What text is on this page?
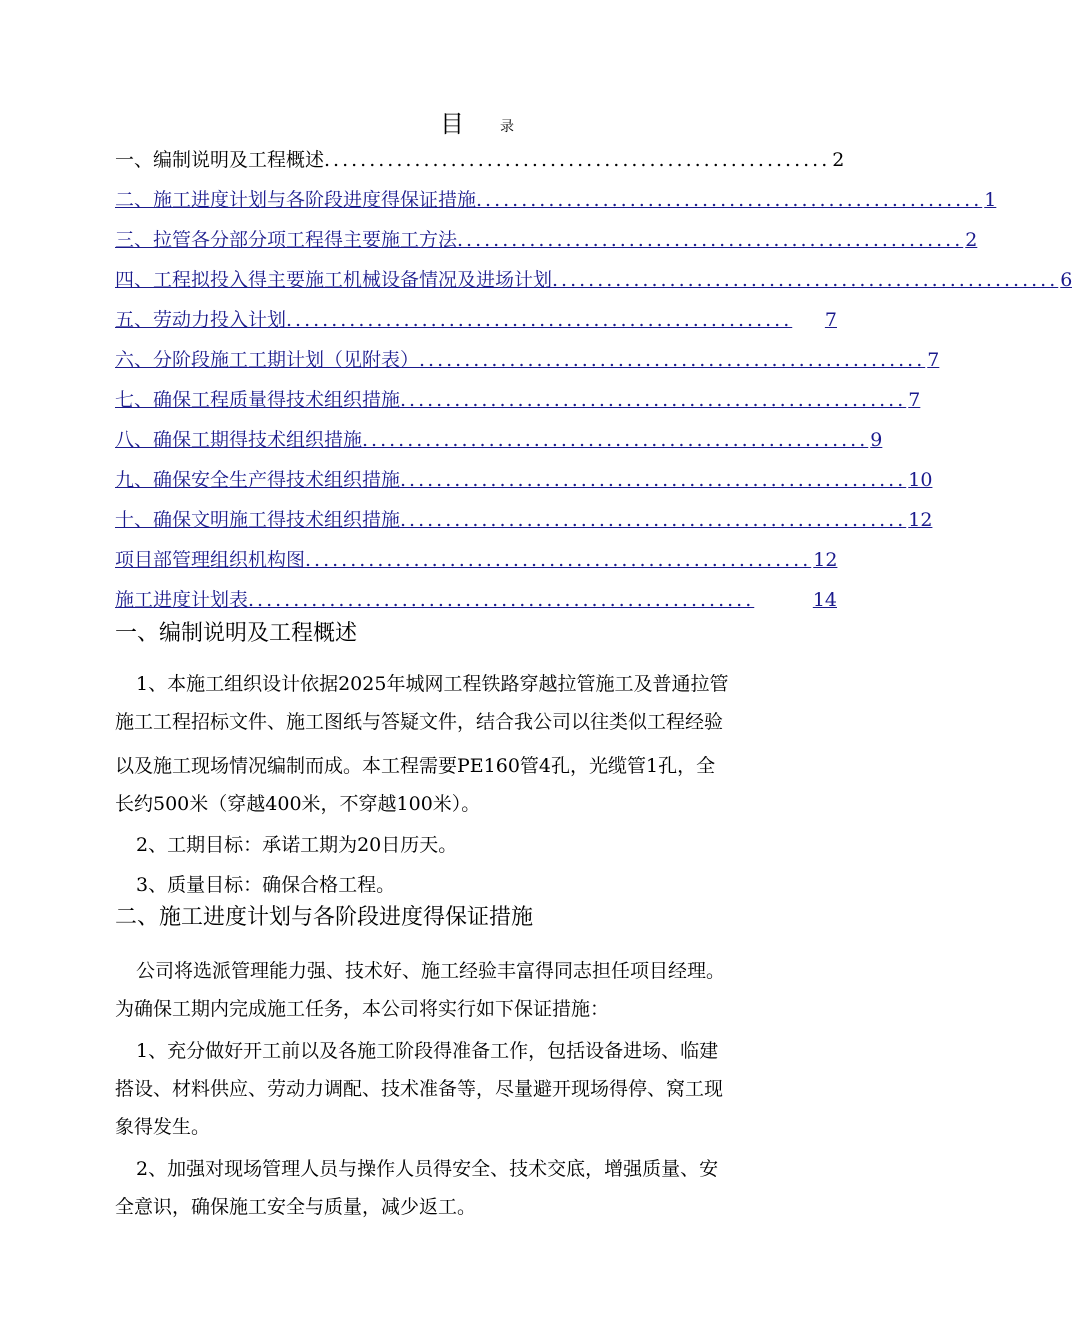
目	录
一、编制说明及工程概述 ........................................................ 2
二、施工进度计划与各阶段进度得保证措施 ........................................................ 1
三、拉管各分部分项工程得主要施工方法 ........................................................ 2
四、工程拟投入得主要施工机械设备情况及进场计划 ........................................................ 6
五、劳动力投入计划 ........................................................	7
六、分阶段施工工期计划（见附表） ........................................................ 7
七、确保工程质量得技术组织措施 ........................................................ 7
八、确保工期得技术组织措施 ........................................................ 9
九、确保安全生产得技术组织措施 ........................................................ 10
十、确保文明施工得技术组织措施 ........................................................ 12
项目部管理组织机构图 ........................................................ 12
施工进度计划表 ........................................................	14
一、编制说明及工程概述
1、本施工组织设计依据2025年城网工程铁路穿越拉管施工及普通拉管
施工工程招标文件、施工图纸与答疑文件，结合我公司以往类似工程经验
以及施工现场情况编制而成。本工程需要PE160管4孔，光缆管1孔，全
长约500米（穿越400米，不穿越100米）。
2、工期目标：承诺工期为20日历天。
3、质量目标：确保合格工程。
二、施工进度计划与各阶段进度得保证措施
公司将选派管理能力强、技术好、施工经验丰富得同志担任项目经理。
为确保工期内完成施工任务，本公司将实行如下保证措施：
1、充分做好开工前以及各施工阶段得准备工作，包括设备进场、临建
搭设、材料供应、劳动力调配、技术准备等，尽量避开现场得停、窝工现
象得发生。
2、加强对现场管理人员与操作人员得安全、技术交底，增强质量、安
全意识，确保施工安全与质量，减少返工。
